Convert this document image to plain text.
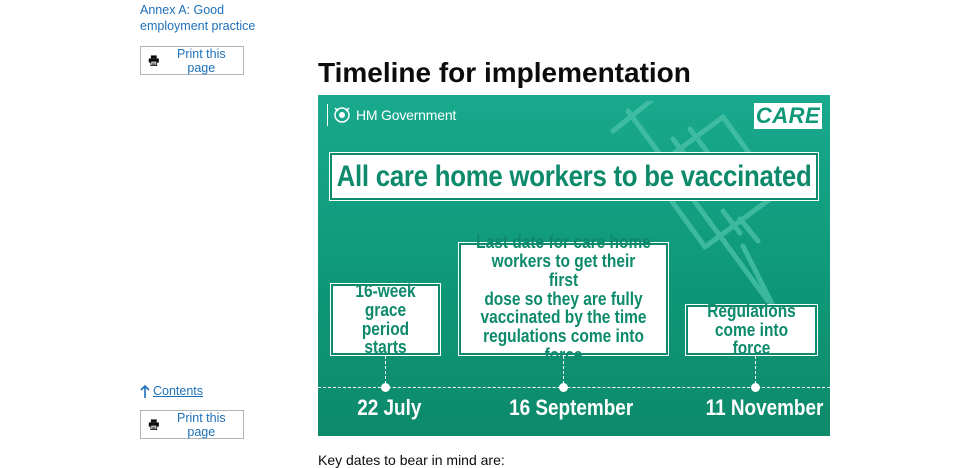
Annex A: Good employment practice
Print this page
Contents
Print this page
Timeline for implementation
HM Government	CARE
All care home workers to be vaccinated
16-week
grace period
starts
Last date for care home
workers to get their first
dose so they are fully
vaccinated by the time
regulations come into force
Regulations
come into force
22 July	16 September	11 November
Key dates to bear in mind are:
